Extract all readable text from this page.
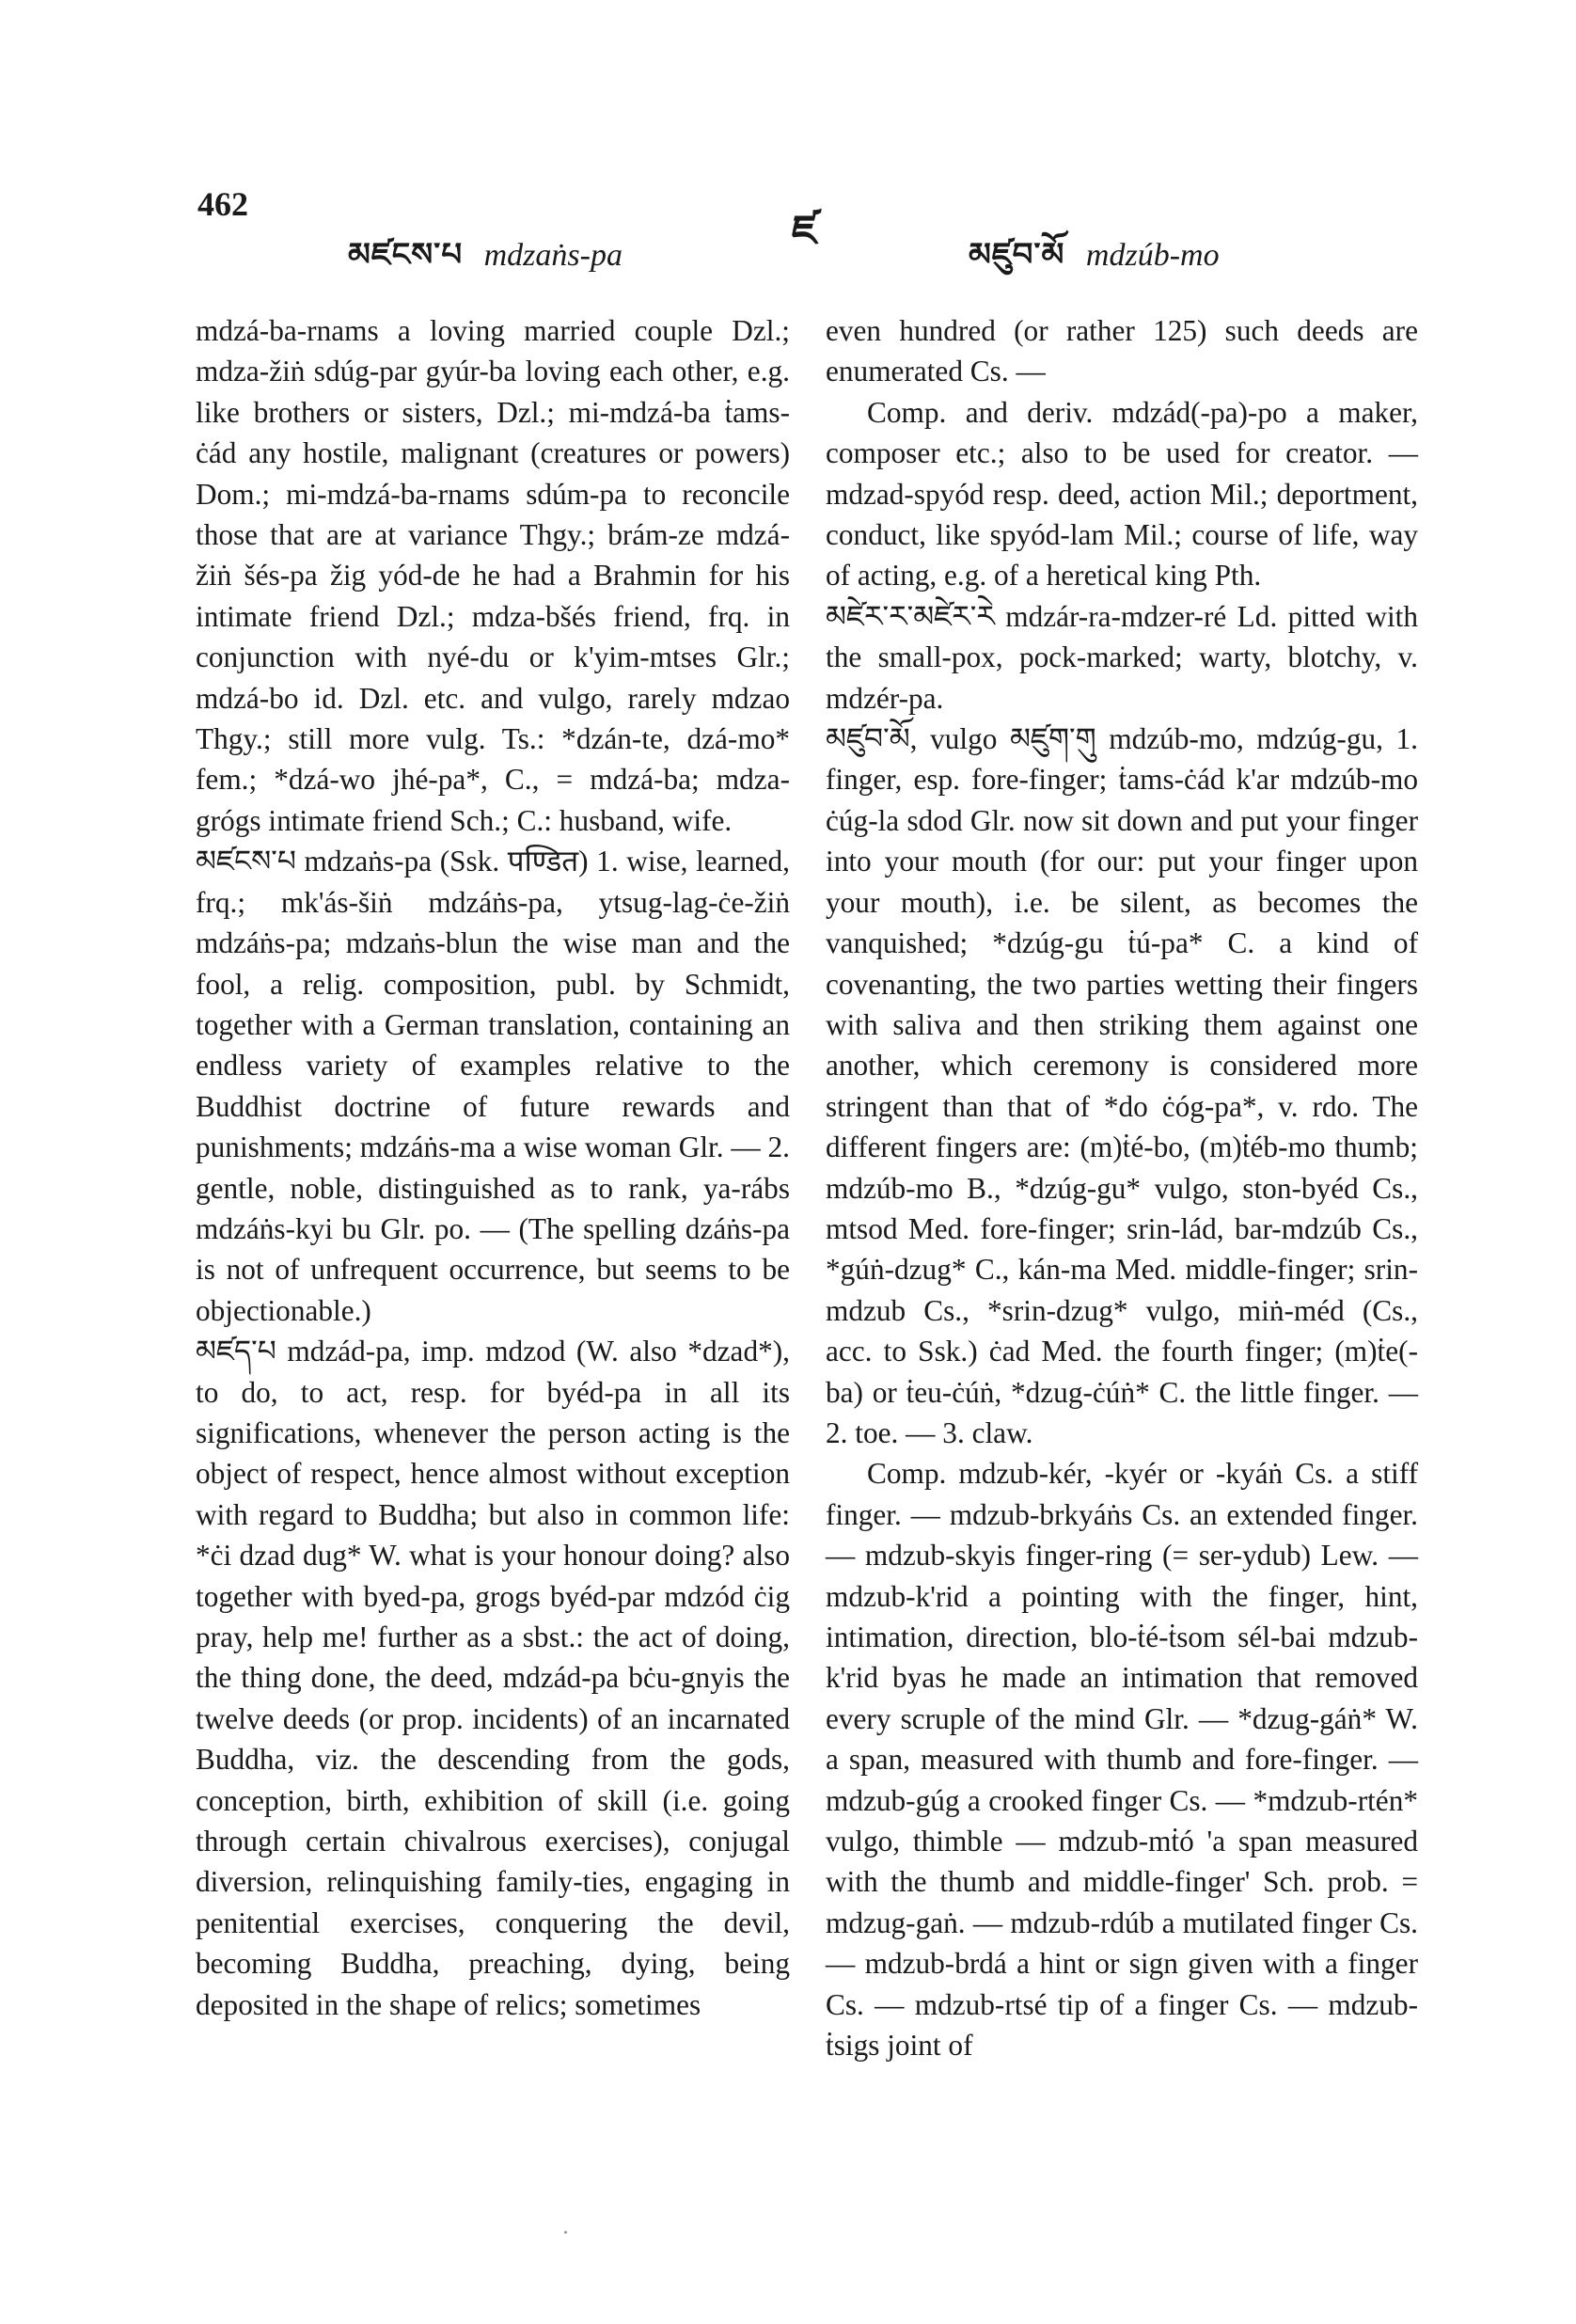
462
མཛངས་པ mdzaṅs-pa
ཛ
མཛུབ་མོ mdzúb-mo

mdzá-ba-rnams a loving married couple Dzl.; mdza-žiṅ sdúg-par gyúr-ba loving each other, e.g. like brothers or sisters, Dzl.; mi-mdzá-ba ṫams-ċád any hostile, malignant (creatures or powers) Dom.; mi-mdzá-ba-rnams sdúm-pa to reconcile those that are at variance Thgy.; brám-ze mdzá-žiṅ šés-pa žig yód-de he had a Brahmin for his intimate friend Dzl.; mdza-bšés friend, frq. in conjunction with nyé-du or k'yim-mtses Glr.; mdzá-bo id. Dzl. etc. and vulgo, rarely mdzao Thgy.; still more vulg. Ts.: *dzán-te, dzá-mo* fem.; *dzá-wo jhé-pa*, C., = mdzá-ba; mdza-grógs intimate friend Sch.; C.: husband, wife.

མཛངས་པ mdzaṅs-pa (Ssk. पण्डित) 1. wise, learned, frq.; mk'ás-šiṅ mdzáṅs-pa, ytsug-lag-ċe-žiṅ mdzáṅs-pa; mdzaṅs-blun the wise man and the fool, a relig. composition, publ. by Schmidt, together with a German translation, containing an endless variety of examples relative to the Buddhist doctrine of future rewards and punishments; mdzáṅs-ma a wise woman Glr. — 2. gentle, noble, distinguished as to rank, ya-rábs mdzáṅs-kyi bu Glr. po. — (The spelling dzáṅs-pa is not of unfrequent occurrence, but seems to be objectionable.)

མཛད་པ mdzád-pa, imp. mdzod (W. also *dzad*), to do, to act, resp. for byéd-pa in all its significations, whenever the person acting is the object of respect, hence almost without exception with regard to Buddha; but also in common life: *ċi dzad dug* W. what is your honour doing? also together with byed-pa, grogs byéd-par mdzód ċig pray, help me! further as a sbst.: the act of doing, the thing done, the deed, mdzád-pa bċu-gnyis the twelve deeds (or prop. incidents) of an incarnated Buddha, viz. the descending from the gods, conception, birth, exhibition of skill (i.e. going through certain chivalrous exercises), conjugal diversion, relinquishing family-ties, engaging in penitential exercises, conquering the devil, becoming Buddha, preaching, dying, being deposited in the shape of relics; sometimes

even hundred (or rather 125) such deeds are enumerated Cs. —

Comp. and deriv. mdzád(-pa)-po a maker, composer etc.; also to be used for creator. — mdzad-spyód resp. deed, action Mil.; deportment, conduct, like spyód-lam Mil.; course of life, way of acting, e.g. of a heretical king Pth.

མཛེར་ར་མཛེར་རེ mdzár-ra-mdzer-ré Ld. pitted with the small-pox, pock-marked; warty, blotchy, v. mdzér-pa.

མཛུབ་མོ, vulgo མཛུག་གུ mdzúb-mo, mdzúg-gu, 1. finger, esp. fore-finger; ṫams-ċád k'ar mdzúb-mo ċúg-la sdod Glr. now sit down and put your finger into your mouth (for our: put your finger upon your mouth), i.e. be silent, as becomes the vanquished; *dzúg-gu ṫú-pa* C. a kind of covenanting, the two parties wetting their fingers with saliva and then striking them against one another, which ceremony is considered more stringent than that of *do ċóg-pa*, v. rdo. The different fingers are: (m)ṫé-bo, (m)ṫéb-mo thumb; mdzúb-mo B., *dzúg-gu* vulgo, ston-byéd Cs., mtsod Med. fore-finger; srin-lád, bar-mdzúb Cs., *gúṅ-dzug* C., kán-ma Med. middle-finger; srin-mdzub Cs., *srin-dzug* vulgo, miṅ-méd (Cs., acc. to Ssk.) ċad Med. the fourth finger; (m)ṫe(-ba) or ṫeu-ċúṅ, *dzug-ċúṅ* C. the little finger. — 2. toe. — 3. claw.

Comp. mdzub-kér, -kyér or -kyáṅ Cs. a stiff finger. — mdzub-brkyáṅs Cs. an extended finger. — mdzub-skyis finger-ring (= ser-ydub) Lew. — mdzub-k'rid a pointing with the finger, hint, intimation, direction, blo-ṫé-ṫsom sél-bai mdzub-k'rid byas he made an intimation that removed every scruple of the mind Glr. — *dzug-gáṅ* W. a span, measured with thumb and fore-finger. — mdzub-gúg a crooked finger Cs. — *mdzub-rtén* vulgo, thimble — mdzub-mṫó 'a span measured with the thumb and middle-finger' Sch. prob. = mdzug-gaṅ. — mdzub-rdúb a mutilated finger Cs. — mdzub-brdá a hint or sign given with a finger Cs. — mdzub-rtsé tip of a finger Cs. — mdzub-ṫsigs joint of
